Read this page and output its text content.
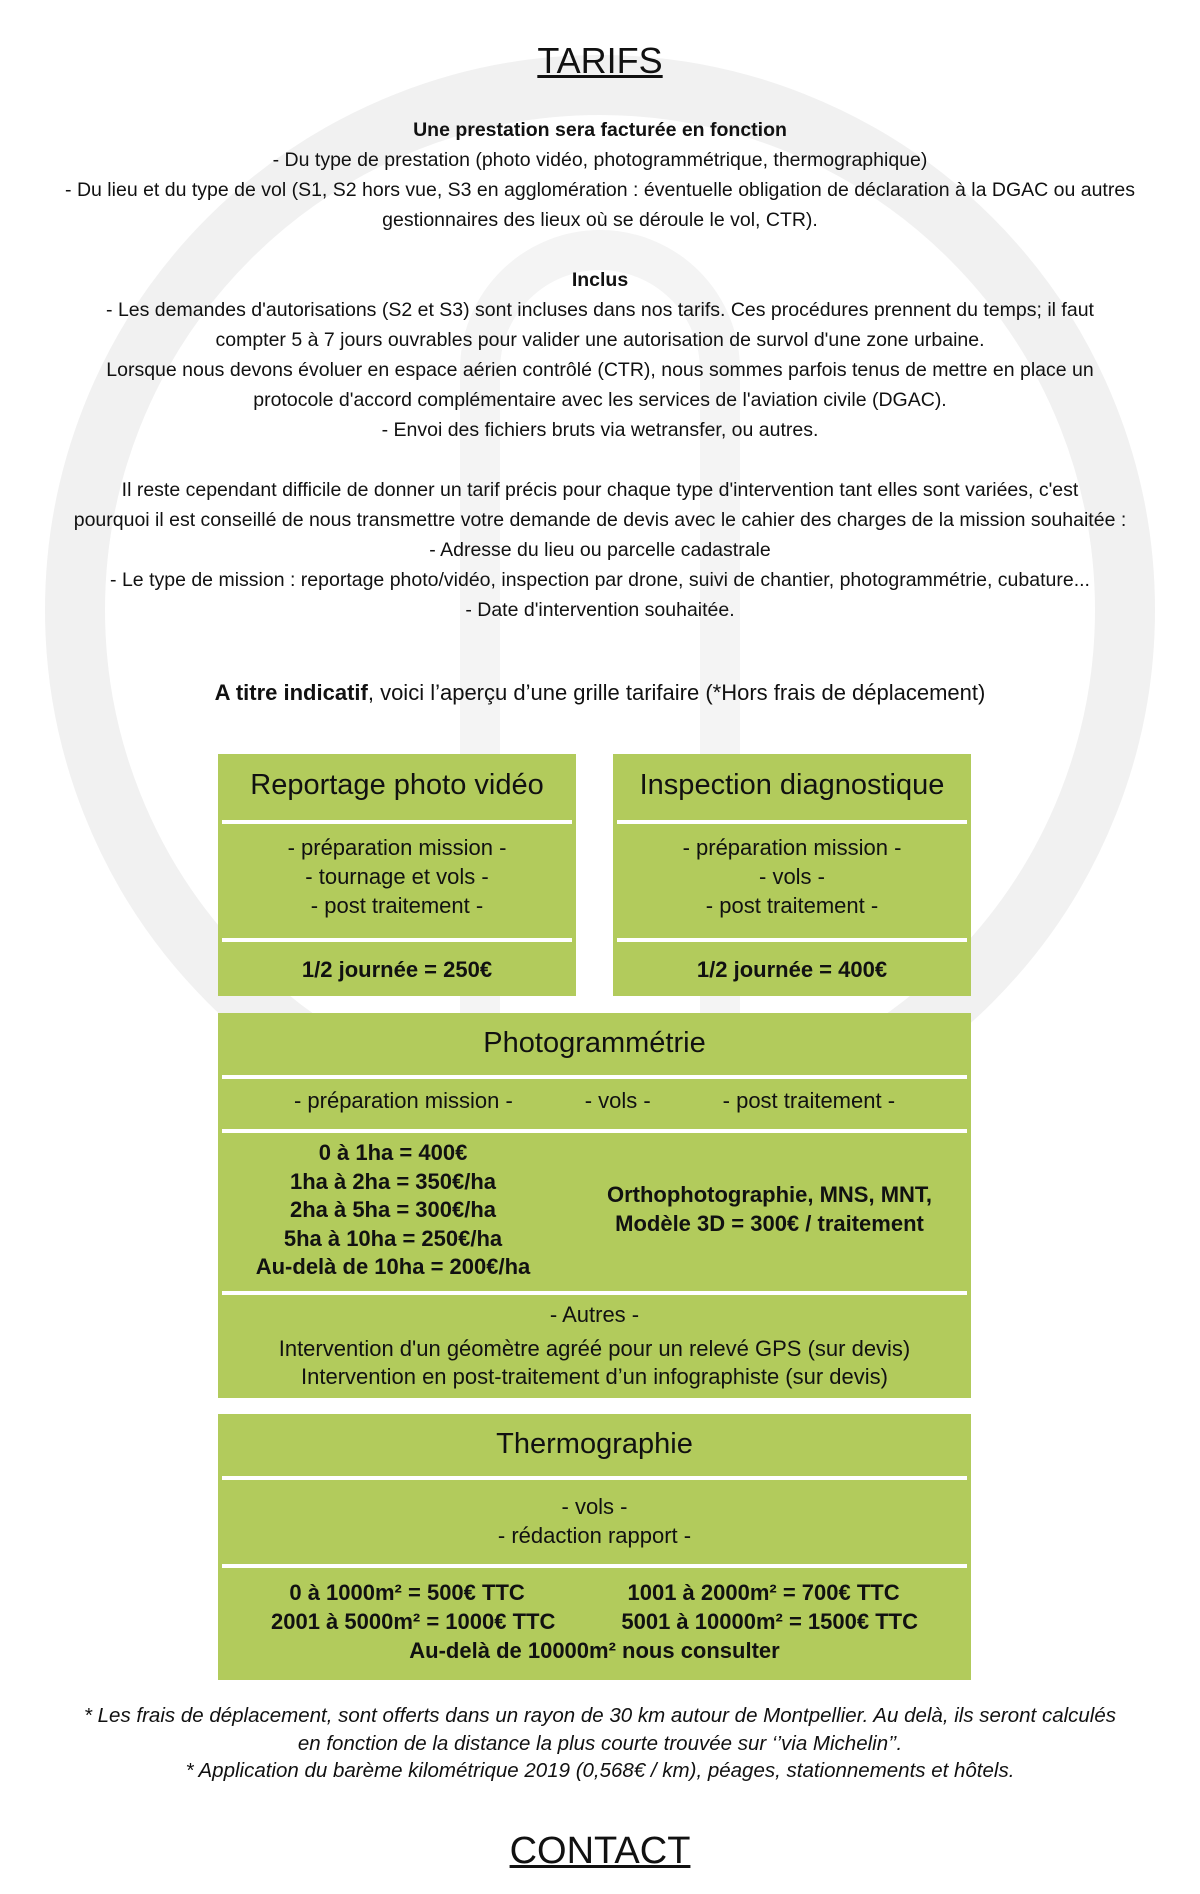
TARIFS

Une prestation sera facturée en fonction

- Du type de prestation (photo vidéo, photogrammétrique, thermographique)

- Du lieu et du type de vol (S1, S2 hors vue, S3 en agglomération : éventuelle obligation de déclaration à la DGAC ou autres

gestionnaires des lieux où se déroule le vol, CTR).

Inclus

- Les demandes d'autorisations (S2 et S3) sont incluses dans nos tarifs. Ces procédures prennent du temps; il faut

compter 5 à 7 jours ouvrables pour valider une autorisation de survol d'une zone urbaine.

Lorsque nous devons évoluer en espace aérien contrôlé (CTR), nous sommes parfois tenus de mettre en place un

protocole d'accord complémentaire avec les services de l'aviation civile (DGAC).

- Envoi des fichiers bruts via wetransfer, ou autres.

Il reste cependant difficile de donner un tarif précis pour chaque type d'intervention tant elles sont variées, c'est

pourquoi il est conseillé de nous transmettre votre demande de devis avec le cahier des charges de la mission souhaitée :

- Adresse du lieu ou parcelle cadastrale

- Le type de mission : reportage photo/vidéo, inspection par drone, suivi de chantier, photogrammétrie, cubature...

- Date d'intervention souhaitée.

A titre indicatif, voici l’aperçu d’une grille tarifaire (*Hors frais de déplacement)
Reportage photo vidéo
- préparation mission -
- tournage et vols -
- post traitement -
1/2 journée = 250€
Inspection diagnostique
- préparation mission -
- vols -
- post traitement -
1/2 journée = 400€
Photogrammétrie
- préparation mission -	- vols -	- post traitement -
0 à 1ha = 400€
1ha à 2ha = 350€/ha
2ha à 5ha = 300€/ha
5ha à 10ha = 250€/ha
Au-delà de 10ha = 200€/ha
Orthophotographie, MNS, MNT,
Modèle 3D = 300€ / traitement
- Autres -
Intervention d'un géomètre agréé pour un relevé GPS (sur devis)
Intervention en post-traitement d’un infographiste (sur devis)
Thermographie
- vols -
- rédaction rapport -
0 à 1000m² = 500€ TTC	1001 à 2000m² = 700€ TTC
2001 à 5000m² = 1000€ TTC	5001 à 10000m² = 1500€ TTC
Au-delà de 10000m² nous consulter
* Les frais de déplacement, sont offerts dans un rayon de 30 km autour de Montpellier. Au delà, ils seront calculés
en fonction de la distance la plus courte trouvée sur ‘’via Michelin’’.
* Application du barème kilométrique 2019 (0,568€ / km), péages, stationnements et hôtels.
CONTACT
